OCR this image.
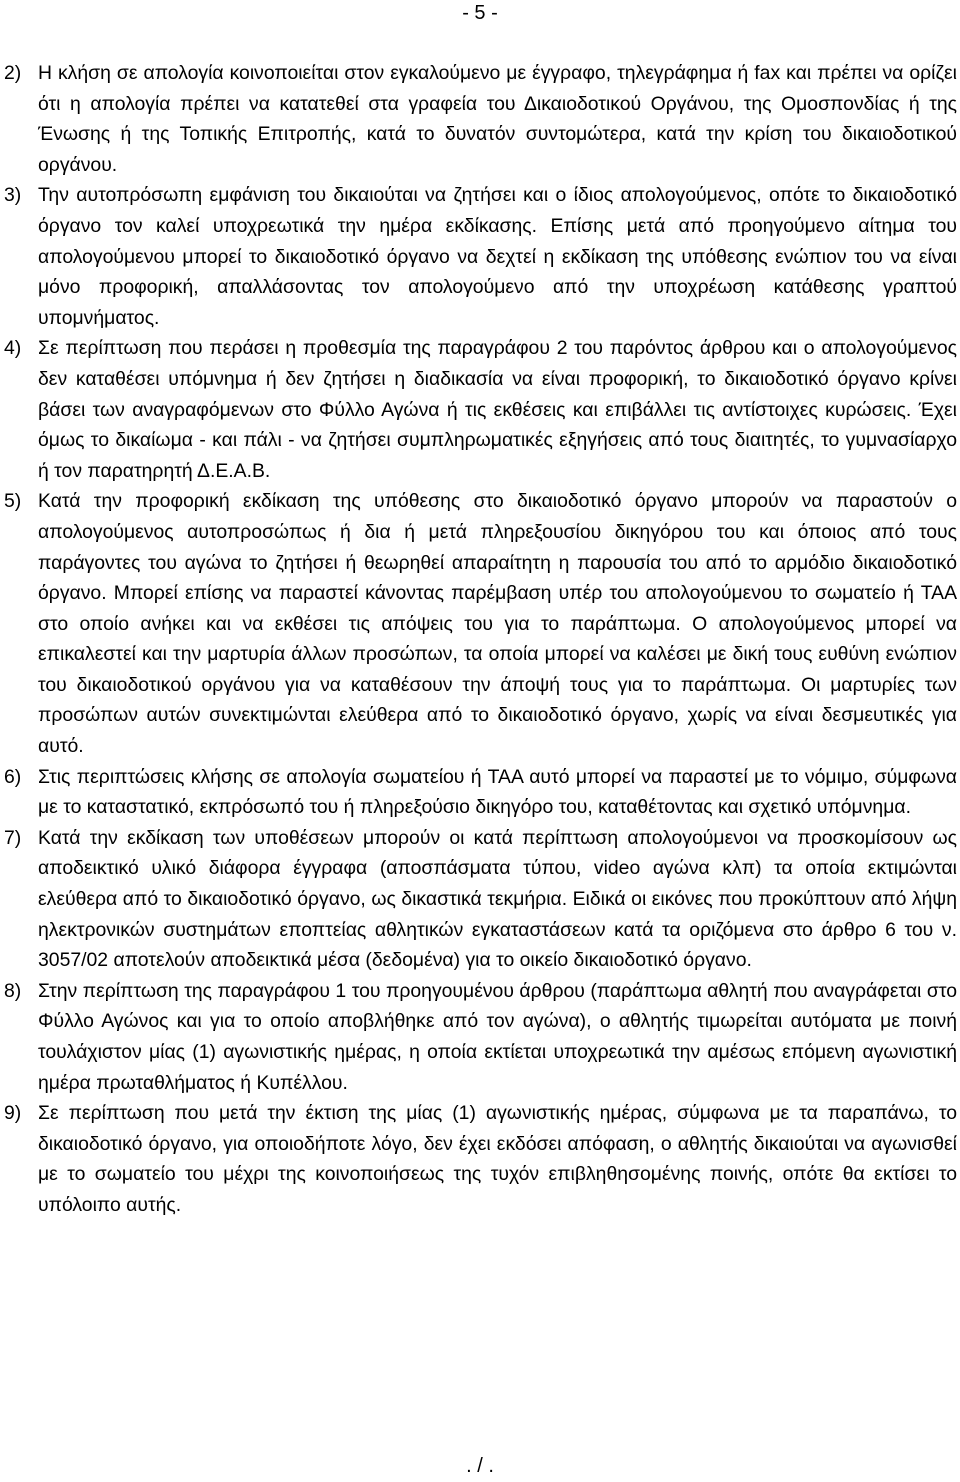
- 5 -
2) Η κλήση σε απολογία κοινοποιείται στον εγκαλούμενο με έγγραφο, τηλεγράφημα ή fax και πρέπει να ορίζει ότι η απολογία πρέπει να κατατεθεί στα γραφεία του Δικαιοδοτικού Οργάνου, της Ομοσπονδίας ή της Ένωσης ή της Τοπικής Επιτροπής, κατά το δυνατόν συντομώτερα, κατά την κρίση του δικαιοδοτικού οργάνου.
3) Την αυτοπρόσωπη εμφάνιση του δικαιούται να ζητήσει και ο ίδιος απολογούμενος, οπότε το δικαιοδοτικό όργανο τον καλεί υποχρεωτικά την ημέρα εκδίκασης. Επίσης μετά από προηγούμενο αίτημα του απολογούμενου μπορεί το δικαιοδοτικό όργανο να δεχτεί η εκδίκαση της υπόθεσης ενώπιον του να είναι μόνο προφορική, απαλλάσοντας τον απολογούμενο από την υποχρέωση κατάθεσης γραπτού υπομνήματος.
4) Σε περίπτωση που περάσει η προθεσμία της παραγράφου 2 του παρόντος άρθρου και ο απολογούμενος δεν καταθέσει υπόμνημα ή δεν ζητήσει η διαδικασία να είναι προφορική, το δικαιοδοτικό όργανο κρίνει βάσει των αναγραφόμενων στο Φύλλο Αγώνα ή τις εκθέσεις και επιβάλλει τις αντίστοιχες κυρώσεις. Έχει όμως το δικαίωμα - και πάλι - να ζητήσει συμπληρωματικές εξηγήσεις από τους διαιτητές, το γυμνασίαρχο ή τον παρατηρητή Δ.Ε.Α.Β.
5) Κατά την προφορική εκδίκαση της υπόθεσης στο δικαιοδοτικό όργανο μπορούν να παραστούν ο απολογούμενος αυτοπροσώπως ή δια ή μετά πληρεξουσίου δικηγόρου του και όποιος από τους παράγοντες του αγώνα το ζητήσει ή θεωρηθεί απαραίτητη η παρουσία του από το αρμόδιο δικαιοδοτικό όργανο. Μπορεί επίσης να παραστεί κάνοντας παρέμβαση υπέρ του απολογούμενου το σωματείο ή ΤΑΑ στο οποίο ανήκει και να εκθέσει τις απόψεις του για το παράπτωμα. Ο απολογούμενος μπορεί να επικαλεστεί και την μαρτυρία άλλων προσώπων, τα οποία μπορεί να καλέσει με δική τους ευθύνη ενώπιον του δικαιοδοτικού οργάνου για να καταθέσουν την άποψή τους για το παράπτωμα. Οι μαρτυρίες των προσώπων αυτών συνεκτιμώνται ελεύθερα από το δικαιοδοτικό όργανο, χωρίς να είναι δεσμευτικές για αυτό.
6) Στις περιπτώσεις κλήσης σε απολογία σωματείου ή ΤΑΑ αυτό μπορεί να παραστεί με το νόμιμο, σύμφωνα με το καταστατικό, εκπρόσωπό του ή πληρεξούσιο δικηγόρο του, καταθέτοντας και σχετικό υπόμνημα.
7) Κατά την εκδίκαση των υποθέσεων μπορούν οι κατά περίπτωση απολογούμενοι να προσκομίσουν ως αποδεικτικό υλικό διάφορα έγγραφα (αποσπάσματα τύπου, video αγώνα κλπ) τα οποία εκτιμώνται ελεύθερα από το δικαιοδοτικό όργανο, ως δικαστικά τεκμήρια. Ειδικά οι εικόνες που προκύπτουν από λήψη ηλεκτρονικών συστημάτων εποπτείας αθλητικών εγκαταστάσεων κατά τα οριζόμενα στο άρθρο 6 του ν. 3057/02 αποτελούν αποδεικτικά μέσα (δεδομένα) για το οικείο δικαιοδοτικό όργανο.
8) Στην περίπτωση της παραγράφου 1 του προηγουμένου άρθρου (παράπτωμα αθλητή που αναγράφεται στο Φύλλο Αγώνος και για το οποίο αποβλήθηκε από τον αγώνα), ο αθλητής τιμωρείται αυτόματα με ποινή τουλάχιστον μίας (1) αγωνιστικής ημέρας, η οποία εκτίεται υποχρεωτικά την αμέσως επόμενη αγωνιστική ημέρα πρωταθλήματος ή Κυπέλλου.
9) Σε περίπτωση που μετά την έκτιση της μίας (1) αγωνιστικής ημέρας, σύμφωνα με τα παραπάνω, το δικαιοδοτικό όργανο, για οποιοδήποτε λόγο, δεν έχει εκδόσει απόφαση, ο αθλητής δικαιούται να αγωνισθεί με το σωματείο του μέχρι της κοινοποιήσεως της τυχόν επιβληθησομένης ποινής, οπότε θα εκτίσει το υπόλοιπο αυτής.
. / .
